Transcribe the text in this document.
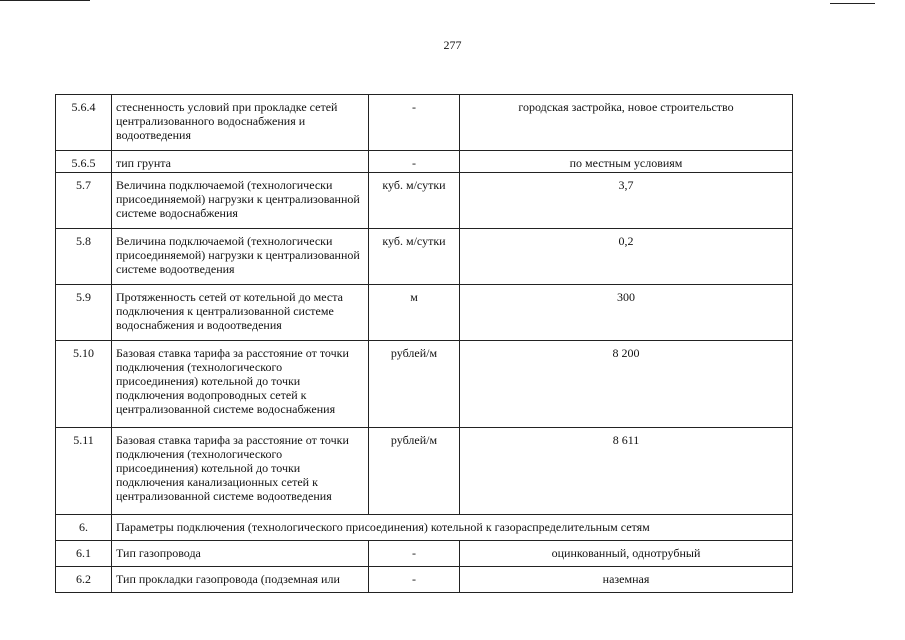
277
5.6.4	стесненность условий при прокладке сетей централизованного водоснабжения и водоотведения	-	городская застройка, новое строительство
5.6.5	тип грунта	-	по местным условиям
5.7	Величина подключаемой (технологически присоединяемой) нагрузки к централизованной системе водоснабжения	куб. м/сутки	3,7
5.8	Величина подключаемой (технологически присоединяемой) нагрузки к централизованной системе водоотведения	куб. м/сутки	0,2
5.9	Протяженность сетей от котельной до места подключения к централизованной системе водоснабжения и водоотведения	м	300
5.10	Базовая ставка тарифа за расстояние от точки подключения (технологического присоединения) котельной до точки подключения водопроводных сетей к централизованной системе водоснабжения	рублей/м	8 200
5.11	Базовая ставка тарифа за расстояние от точки подключения (технологического присоединения) котельной до точки подключения канализационных сетей к централизованной системе водоотведения	рублей/м	8 611
6.	Параметры подключения (технологического присоединения) котельной к газораспределительным сетям		
6.1	Тип газопровода	-	оцинкованный, однотрубный
6.2	Тип прокладки газопровода (подземная или	-	наземная
